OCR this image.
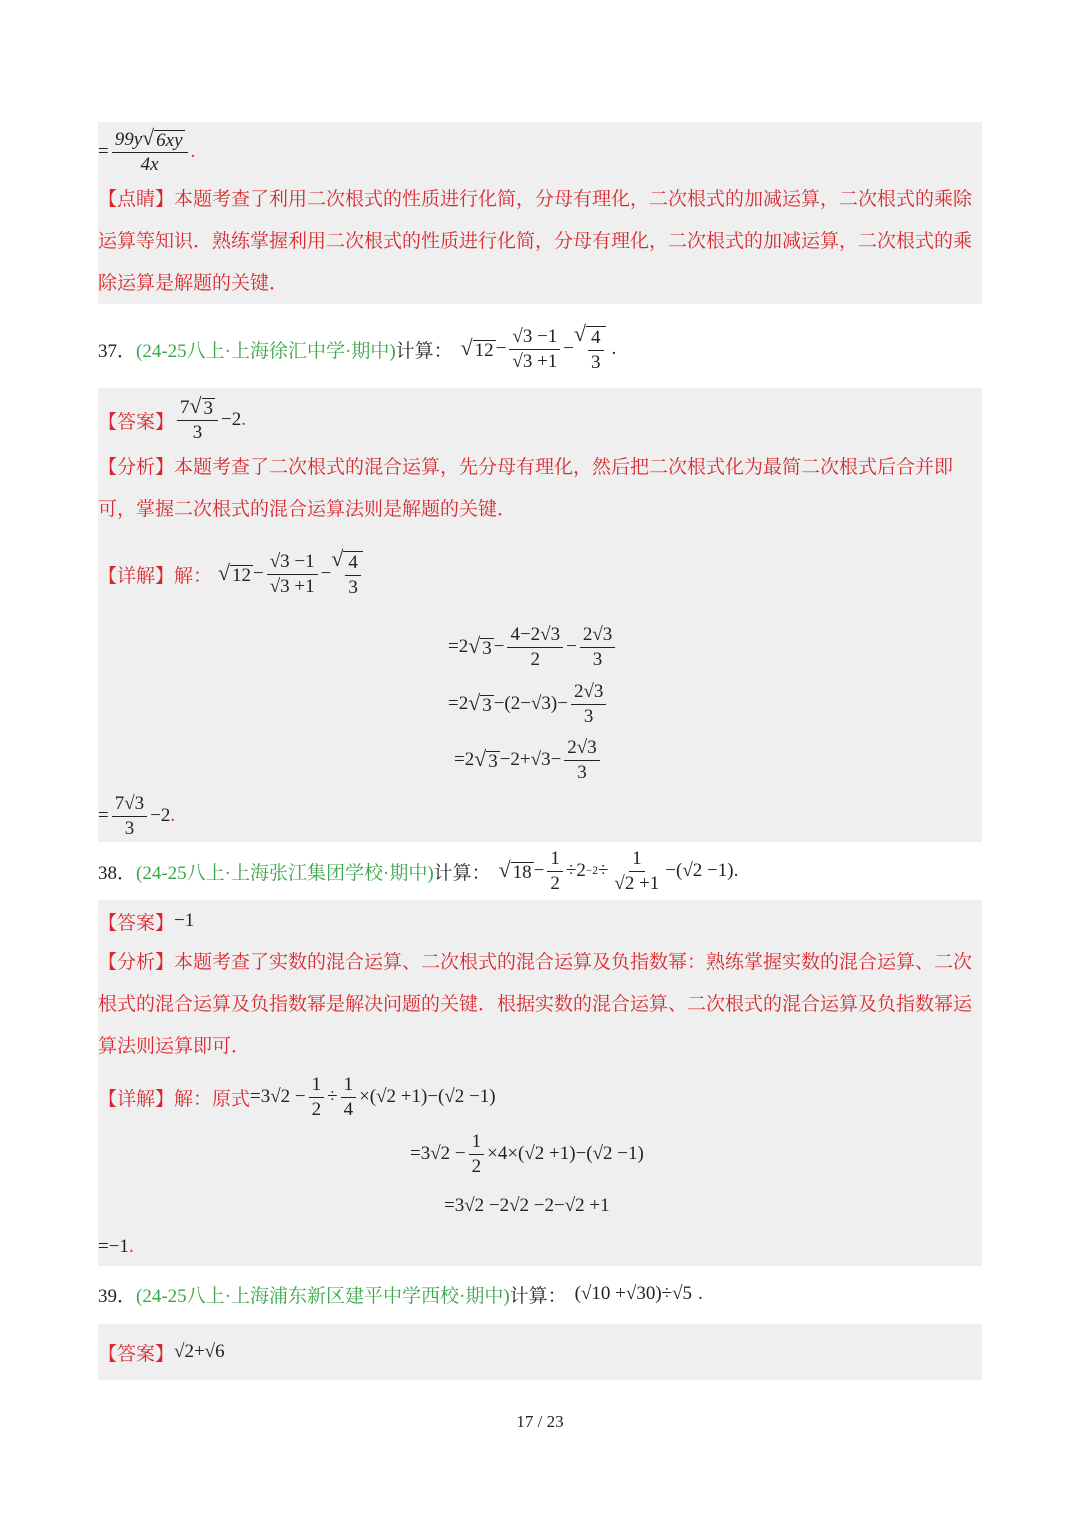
= $\frac{99y √ 6xy}{4x}$ .
【点睛】本题考查了利用二次根式的性质进行化简，分母有理化，二次根式的加减运算，二次根式的乘除运算等知识．熟练掌握利用二次根式的性质进行化简，分母有理化，二次根式的加减运算，二次根式的乘除运算是解题的关键．
37． (24-25八上·上海徐汇中学·期中) 计算： √ $12 - \frac{√3 -1}{√3 +1}$ −
√ $\frac{4}{3}$ .
【答案】 $\frac{7 √ 3}{3} -2$ .
【分析】本题考查了二次根式的混合运算，先分母有理化，然后把二次根式化为最简二次根式后合并即可，掌握二次根式的混合运算法则是解题的关键．
【详解】 解： √ $12 - \frac{√3 -1}{√3 +1}$ −
√ $\frac{4}{3}$
=2 √ $3 - \frac{4-2√3}{2} - \frac{2√3}{3}$
=2 √ $3 -(2-√3)- \frac{2√3}{3}$
=2 √ $3 -2+√3- \frac{2√3}{3}$
= $\frac{7√3}{3} -2$ .
38． (24-25八上·上海张江集团学校·期中) 计算： √ $18 - \frac{1}{2} \div 2 -2 \div \frac{1}{√2 +1} -(√2 -1)$ .
【答案】 −1
【分析】本题考查了实数的混合运算、二次根式的混合运算及负指数幂：熟练掌握实数的混合运算、二次根式的混合运算及负指数幂是解决问题的关键．根据实数的混合运算、二次根式的混合运算及负指数幂运算法则运算即可．
【详解】 解：原式 $=3√2 - \frac{1}{2} \div \frac{1}{4} \times(√2 +1)-(√2 -1)$
$=3√2 - \frac{1}{2} \times 4\times(√2 +1)-(√2 -1)$
=3√2 −2√2 −2−√2 +1
=−1 .
39． (24-25八上·上海浦东新区建平中学西校·期中) 计算： (√10 +√30)÷√5 .
【答案】 √2+√6
17 / 23
